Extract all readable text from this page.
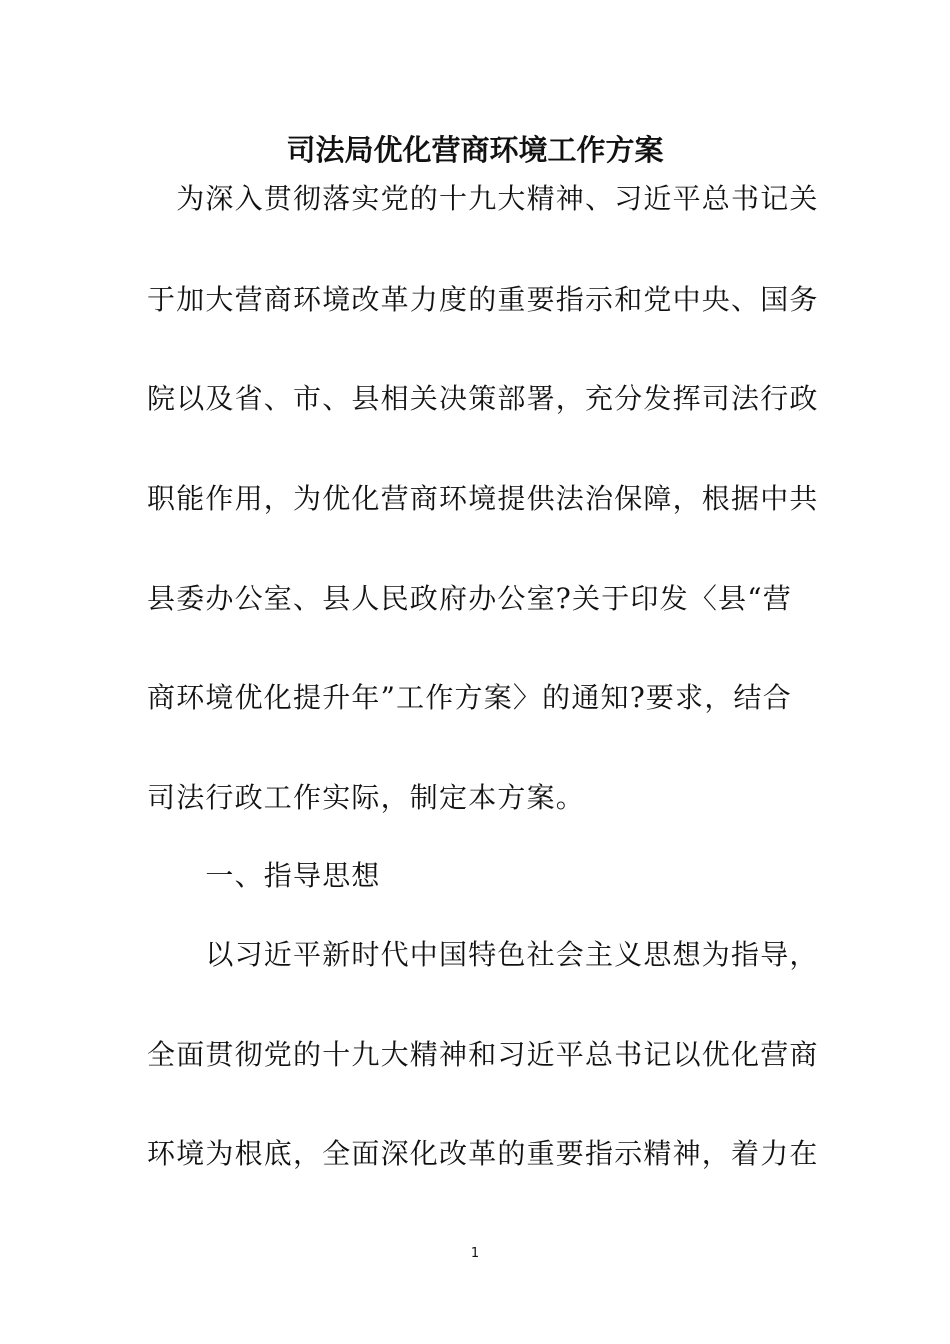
司法局优化营商环境工作方案
　为深入贯彻落实党的十九大精神、习近平总书记关
于加大营商环境改革力度的重要指示和党中央、国务
院以及省、市、县相关决策部署，充分发挥司法行政
职能作用，为优化营商环境提供法治保障，根据中共
县委办公室、县人民政府办公室?关于印发〈县“营
商环境优化提升年”工作方案〉的通知?要求，结合
司法行政工作实际，制定本方案。
　　一、指导思想
　　以习近平新时代中国特色社会主义思想为指导，
全面贯彻党的十九大精神和习近平总书记以优化营商
环境为根底，全面深化改革的重要指示精神，着力在
1
